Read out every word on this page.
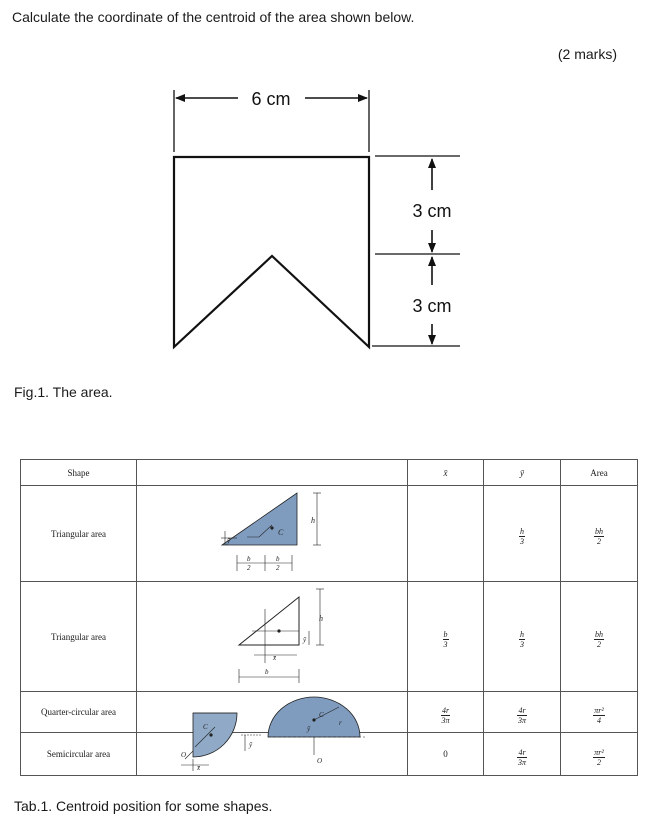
Calculate the coordinate of the centroid of the area shown below.
(2 marks)
6 cm
3 cm
3 cm
Fig.1. The area.
Shape		x̄	ȳ	Area
Triangular area			$\frac{h}{3}$	$\frac{bh}{2}$

Triangular area		$\frac{b}{3}$	$\frac{h}{3}$	$\frac{bh}{2}$

Quarter-circular area		$\frac{4r}{3\pi}$	$\frac{4r}{3\pi}$	$\frac{\text{πr²}}{4}$

Semicircular area		0	$\frac{4r}{3\pi}$	$\frac{\text{πr²}}{2}$
C
ȳ
h
b
2
b
2
ȳ
h
x̄
b
C
ȳ
x̄
O
C
r
O
ȳ
Tab.1. Centroid position for some shapes.
